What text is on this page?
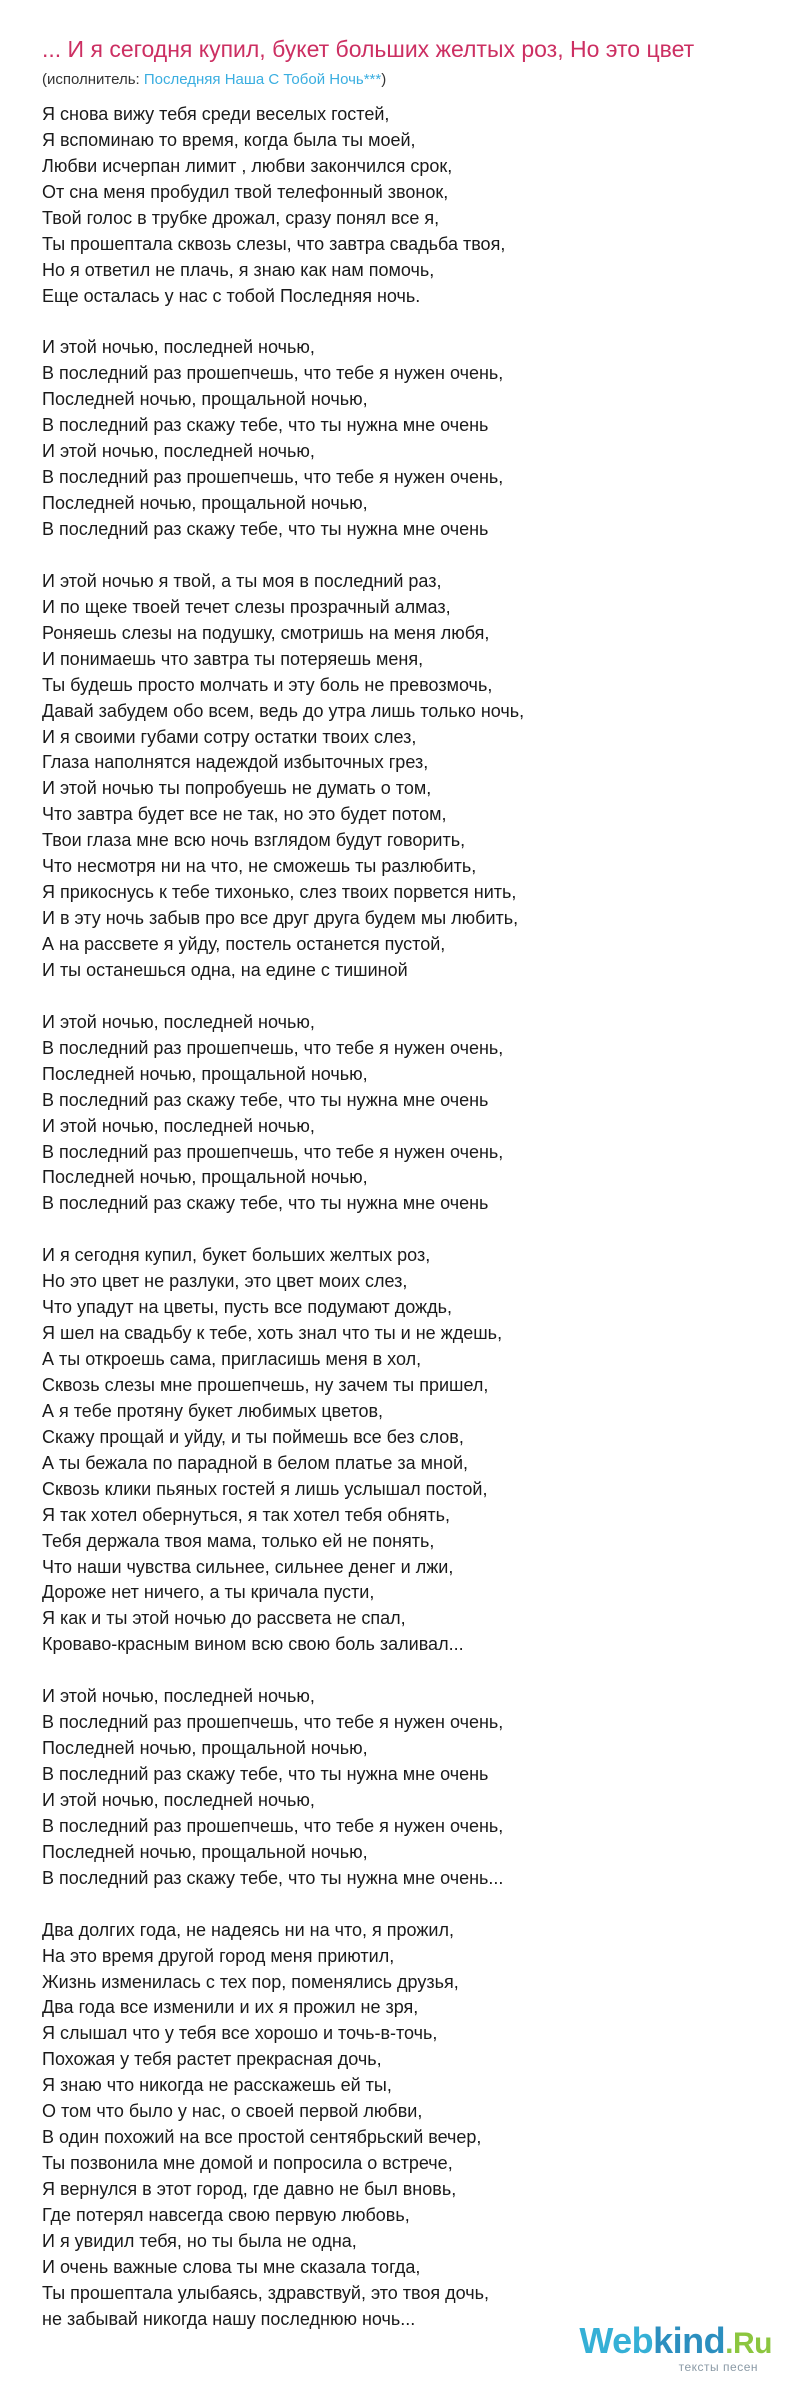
... И я сегодня купил, букет больших желтых роз, Но это цвет
(исполнитель: Последняя Наша С Тобой Ночь***)
Я снова вижу тебя среди веселых гостей,
Я вспоминаю то время, когда была ты моей,
Любви исчерпан лимит , любви закончился срок,
От сна меня пробудил твой телефонный звонок,
Твой голос в трубке дрожал, сразу понял все я,
Ты прошептала сквозь слезы, что завтра свадьба твоя,
Но я ответил не плачь, я знаю как нам помочь,
Еще осталась у нас с тобой Последняя ночь.
И этой ночью, последней ночью,
В последний раз прошепчешь, что тебе я нужен очень,
Последней ночью, прощальной ночью,
В последний раз скажу тебе, что ты нужна мне очень
И этой ночью, последней ночью,
В последний раз прошепчешь, что тебе я нужен очень,
Последней ночью, прощальной ночью,
В последний раз скажу тебе, что ты нужна мне очень
И этой ночью я твой, а ты моя в последний раз,
И по щеке твоей течет слезы прозрачный алмаз,
Роняешь слезы на подушку, смотришь на меня любя,
И понимаешь что завтра ты потеряешь меня,
Ты будешь просто молчать и эту боль не превозмочь,
Давай забудем обо всем, ведь до утра лишь только ночь,
И я своими губами сотру остатки твоих слез,
Глаза наполнятся надеждой избыточных грез,
И этой ночью ты попробуешь не думать о том,
Что завтра будет все не так, но это будет потом,
Твои глаза мне всю ночь взглядом будут говорить,
Что несмотря ни на что, не сможешь ты разлюбить,
Я прикоснусь к тебе тихонько, слез твоих порвется нить,
И в эту ночь забыв про все друг друга будем мы любить,
А на рассвете я уйду, постель останется пустой,
И ты останешься одна, на едине с тишиной
И этой ночью, последней ночью,
В последний раз прошепчешь, что тебе я нужен очень,
Последней ночью, прощальной ночью,
В последний раз скажу тебе, что ты нужна мне очень
И этой ночью, последней ночью,
В последний раз прошепчешь, что тебе я нужен очень,
Последней ночью, прощальной ночью,
В последний раз скажу тебе, что ты нужна мне очень
И я сегодня купил, букет больших желтых роз,
Но это цвет не разлуки, это цвет моих слез,
Что упадут на цветы, пусть все подумают дождь,
Я шел на свадьбу к тебе, хоть знал что ты и не ждешь,
А ты откроешь сама, пригласишь меня в хол,
Сквозь слезы мне прошепчешь, ну зачем ты пришел,
А я тебе протяну букет любимых цветов,
Скажу прощай и уйду, и ты поймешь все без слов,
А ты бежала по парадной в белом платье за мной,
Сквозь клики пьяных гостей я лишь услышал постой,
Я так хотел обернуться, я так хотел тебя обнять,
Тебя держала твоя мама, только ей не понять,
Что наши чувства сильнее, сильнее денег и лжи,
Дороже нет ничего, а ты кричала пусти,
Я как и ты этой ночью до рассвета не спал,
Кроваво-красным вином всю свою боль заливал...
И этой ночью, последней ночью,
В последний раз прошепчешь, что тебе я нужен очень,
Последней ночью, прощальной ночью,
В последний раз скажу тебе, что ты нужна мне очень
И этой ночью, последней ночью,
В последний раз прошепчешь, что тебе я нужен очень,
Последней ночью, прощальной ночью,
В последний раз скажу тебе, что ты нужна мне очень...
Два долгих года, не надеясь ни на что, я прожил,
На это время другой город меня приютил,
Жизнь изменилась с тех пор, поменялись друзья,
Два года все изменили и их я прожил не зря,
Я слышал что у тебя все хорошо и точь-в-точь,
Похожая у тебя растет прекрасная дочь,
Я знаю что никогда не расскажешь ей ты,
О том что было у нас, о своей первой любви,
В один похожий на все простой сентябрьский вечер,
Ты позвонила мне домой и попросила о встрече,
Я вернулся в этот город, где давно не был вновь,
Где потерял навсегда свою первую любовь,
И я увидил тебя, но ты была не одна,
И очень важные слова ты мне сказала тогда,
Ты прошептала улыбаясь, здравствуй, это твоя дочь,
не забывай никогда нашу последнюю ночь...
Webkind.Ru
тексты песен
